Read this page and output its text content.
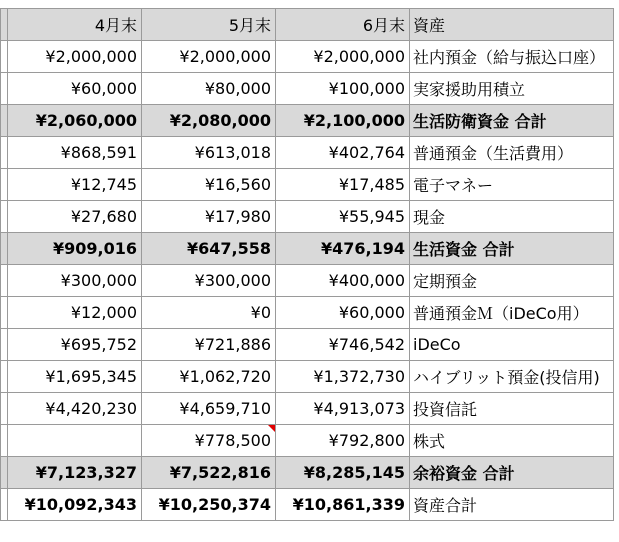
	4月末	5月末	6月末	資産
	¥2,000,000	¥2,000,000	¥2,000,000	社内預金（給与振込口座）
	¥60,000	¥80,000	¥100,000	実家援助用積立
	¥2,060,000	¥2,080,000	¥2,100,000	生活防衛資金 合計
	¥868,591	¥613,018	¥402,764	普通預金（生活費用）
	¥12,745	¥16,560	¥17,485	電子マネー
	¥27,680	¥17,980	¥55,945	現金
	¥909,016	¥647,558	¥476,194	生活資金 合計
	¥300,000	¥300,000	¥400,000	定期預金
	¥12,000	¥0	¥60,000	普通預金Ｍ（iDeCo用）
	¥695,752	¥721,886	¥746,542	iDeCo
	¥1,695,345	¥1,062,720	¥1,372,730	ハイブリット預金(投信用)
	¥4,420,230	¥4,659,710	¥4,913,073	投資信託
		¥778,500	¥792,800	株式
	¥7,123,327	¥7,522,816	¥8,285,145	余裕資金 合計
	¥10,092,343	¥10,250,374	¥10,861,339	資産合計
